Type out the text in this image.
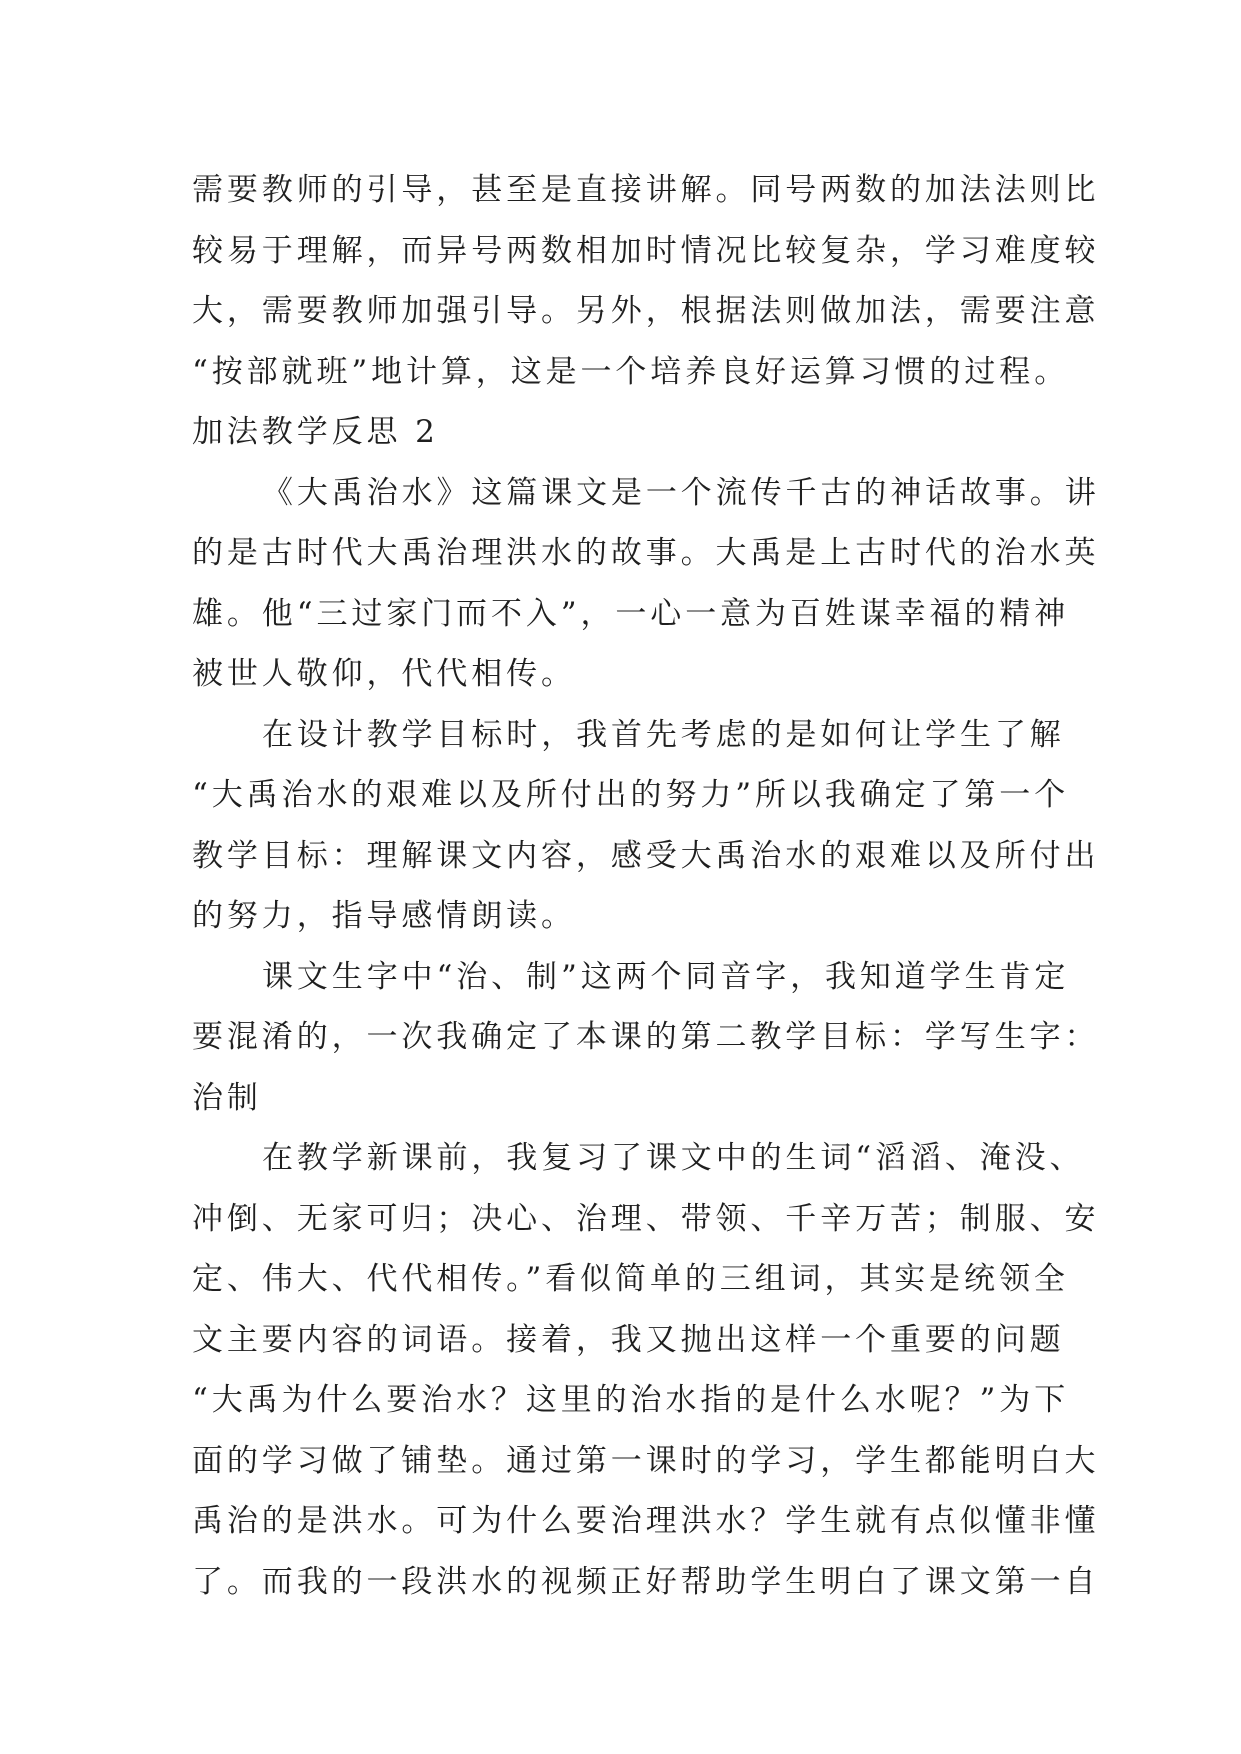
需要教师的引导，甚至是直接讲解。同号两数的加法法则比
较易于理解，而异号两数相加时情况比较复杂，学习难度较
大，需要教师加强引导。另外，根据法则做加法，需要注意
“按部就班”地计算，这是一个培养良好运算习惯的过程。
加法教学反思 2
《大禹治水》这篇课文是一个流传千古的神话故事。讲
的是古时代大禹治理洪水的故事。大禹是上古时代的治水英
雄。他“三过家门而不入”，一心一意为百姓谋幸福的精神
被世人敬仰，代代相传。
在设计教学目标时，我首先考虑的是如何让学生了解
“大禹治水的艰难以及所付出的努力”所以我确定了第一个
教学目标：理解课文内容，感受大禹治水的艰难以及所付出
的努力，指导感情朗读。
课文生字中“治、制”这两个同音字，我知道学生肯定
要混淆的，一次我确定了本课的第二教学目标：学写生字：
治制
在教学新课前，我复习了课文中的生词“滔滔、淹没、
冲倒、无家可归；决心、治理、带领、千辛万苦；制服、安
定、伟大、代代相传。”看似简单的三组词，其实是统领全
文主要内容的词语。接着，我又抛出这样一个重要的问题
“大禹为什么要治水？这里的治水指的是什么水呢？”为下
面的学习做了铺垫。通过第一课时的学习，学生都能明白大
禹治的是洪水。可为什么要治理洪水？学生就有点似懂非懂
了。而我的一段洪水的视频正好帮助学生明白了课文第一自
